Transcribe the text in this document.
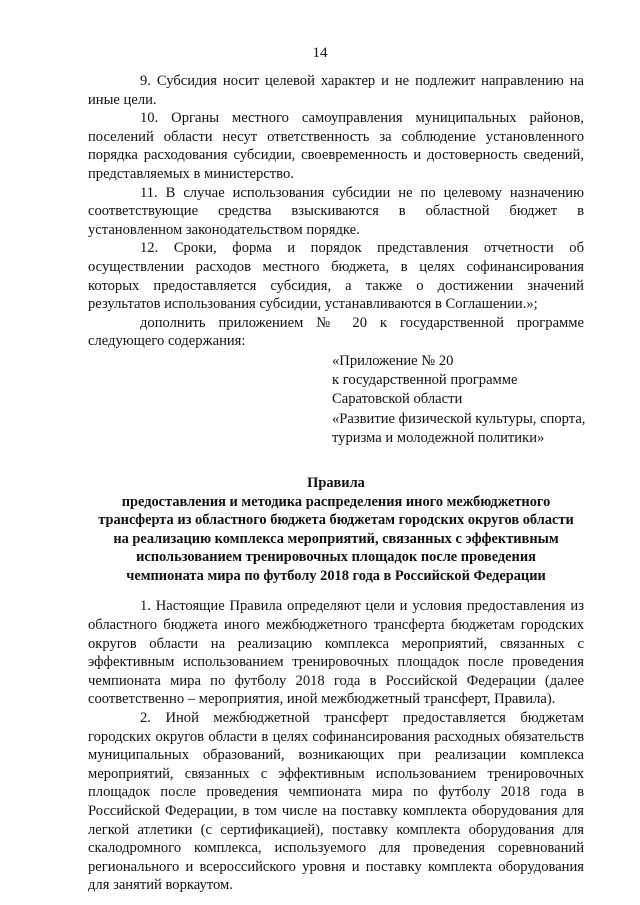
14

9. Субсидия носит целевой характер и не подлежит направлению на иные цели.

10. Органы местного самоуправления муниципальных районов, поселений области несут ответственность за соблюдение установленного порядка расходования субсидии, своевременность и достоверность сведений, представляемых в министерство.

11. В случае использования субсидии не по целевому назначению соответствующие средства взыскиваются в областной бюджет в установленном законодательством порядке.

12. Сроки, форма и порядок представления отчетности об осуществлении расходов местного бюджета, в целях софинансирования которых предоставляется субсидия, а также о достижении значений результатов использования субсидии, устанавливаются в Соглашении.»;

дополнить приложением № 20 к государственной программе следующего содержания:

«Приложение № 20
к государственной программе
Саратовской области
«Развитие физической культуры, спорта,
туризма и молодежной политики»
Правила
предоставления и методика распределения иного межбюджетного
трансферта из областного бюджета бюджетам городских округов области
на реализацию комплекса мероприятий, связанных с эффективным
использованием тренировочных площадок после проведения
чемпионата мира по футболу 2018 года в Российской Федерации

1. Настоящие Правила определяют цели и условия предоставления из областного бюджета иного межбюджетного трансферта бюджетам городских округов области на реализацию комплекса мероприятий, связанных с эффективным использованием тренировочных площадок после проведения чемпионата мира по футболу 2018 года в Российской Федерации (далее соответственно – мероприятия, иной межбюджетный трансферт, Правила).

2. Иной межбюджетной трансферт предоставляется бюджетам городских округов области в целях софинансирования расходных обязательств муниципальных образований, возникающих при реализации комплекса мероприятий, связанных с эффективным использованием тренировочных площадок после проведения чемпионата мира по футболу 2018 года в Российской Федерации, в том числе на поставку комплекта оборудования для легкой атлетики (с сертификацией), поставку комплекта оборудования для скалодромного комплекса, используемого для проведения соревнований регионального и всероссийского уровня и поставку комплекта оборудования для занятий воркаутом.
